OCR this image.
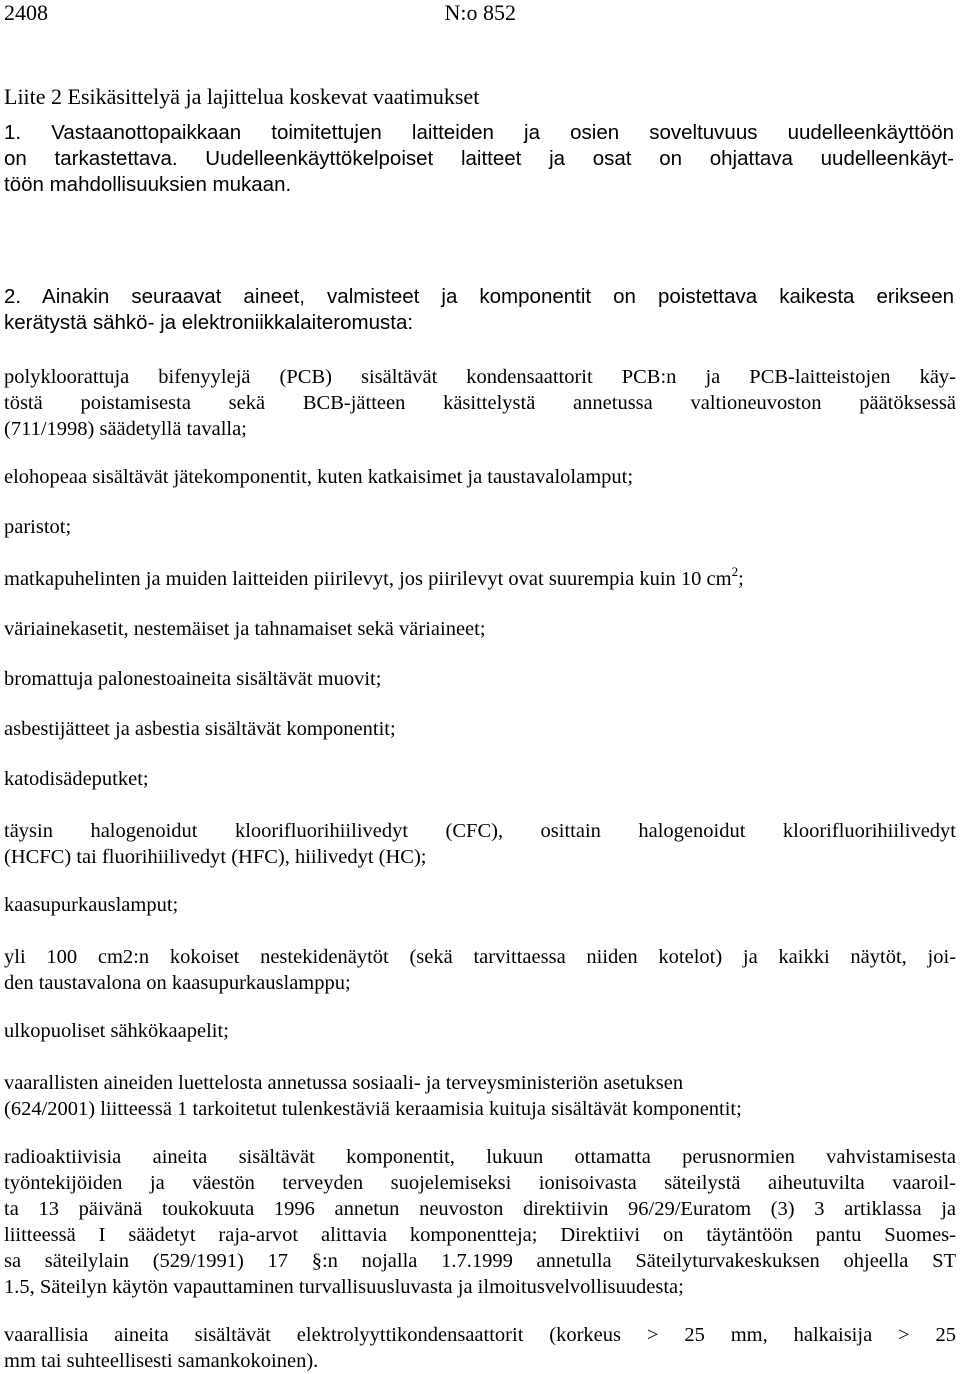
2408	N:o 852
Liite 2 Esikäsittelyä ja lajittelua koskevat vaatimukset
1. Vastaanottopaikkaan toimitettujen laitteiden ja osien soveltuvuus uudelleenkäyttöön
on tarkastettava. Uudelleenkäyttökelpoiset laitteet ja osat on ohjattava uudelleenkäyt-
töön mahdollisuuksien mukaan.
2. Ainakin seuraavat aineet, valmisteet ja komponentit on poistettava kaikesta erikseen
kerätystä sähkö- ja elektroniikkalaiteromusta:
polykloorattuja bifenyylejä (PCB) sisältävät kondensaattorit PCB:n ja PCB-laitteistojen käy-
töstä poistamisesta sekä BCB-jätteen käsittelystä annetussa valtioneuvoston päätöksessä
(711/1998) säädetyllä tavalla;
elohopeaa sisältävät jätekomponentit, kuten katkaisimet ja taustavalolamput;
paristot;
matkapuhelinten ja muiden laitteiden piirilevyt, jos piirilevyt ovat suurempia kuin 10 $cm^2$;
väriainekasetit, nestemäiset ja tahnamaiset sekä väriaineet;
bromattuja palonestoaineita sisältävät muovit;
asbestijätteet ja asbestia sisältävät komponentit;
katodisädeputket;
täysin halogenoidut kloorifluorihiilivedyt (CFC), osittain halogenoidut kloorifluorihiilivedyt
(HCFC) tai fluorihiilivedyt (HFC), hiilivedyt (HC);
kaasupurkauslamput;
yli 100 cm2:n kokoiset nestekidenäytöt (sekä tarvittaessa niiden kotelot) ja kaikki näytöt, joi-
den taustavalona on kaasupurkauslamppu;
ulkopuoliset sähkökaapelit;
vaarallisten aineiden luettelosta annetussa sosiaali- ja terveysministeriön asetuksen
(624/2001) liitteessä 1 tarkoitetut tulenkestäviä keraamisia kuituja sisältävät komponentit;
radioaktiivisia aineita sisältävät komponentit, lukuun ottamatta perusnormien vahvistamisesta
työntekijöiden ja väestön terveyden suojelemiseksi ionisoivasta säteilystä aiheutuvilta vaaroil-
ta 13 päivänä toukokuuta 1996 annetun neuvoston direktiivin 96/29/Euratom (3) 3 artiklassa ja
liitteessä I säädetyt raja-arvot alittavia komponentteja; Direktiivi on täytäntöön pantu Suomes-
sa säteilylain (529/1991) 17 §:n nojalla 1.7.1999 annetulla Säteilyturvakeskuksen ohjeella ST
1.5, Säteilyn käytön vapauttaminen turvallisuusluvasta ja ilmoitusvelvollisuudesta;
vaarallisia aineita sisältävät elektrolyyttikondensaattorit (korkeus > 25 mm, halkaisija > 25
mm tai suhteellisesti samankokoinen).
